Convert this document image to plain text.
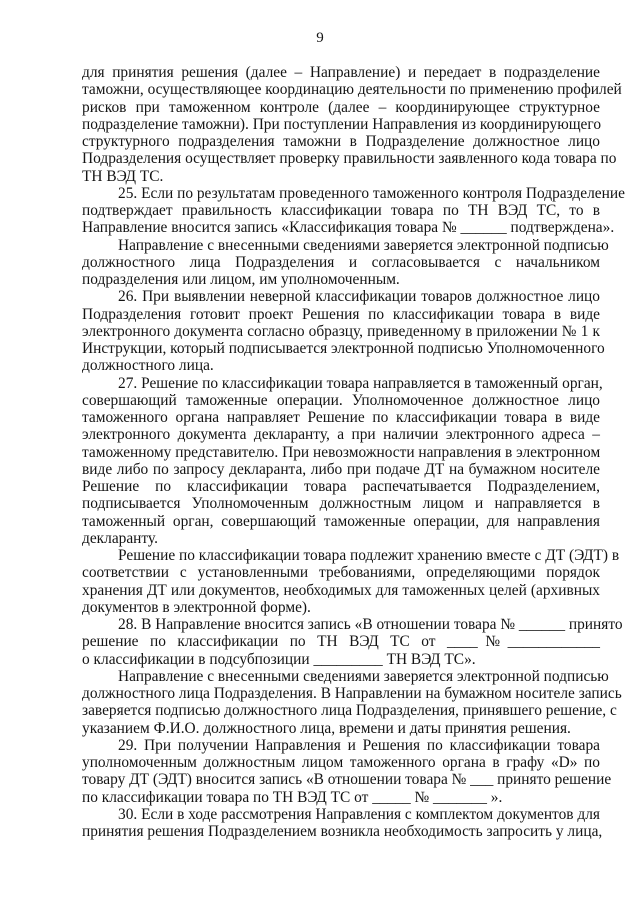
9
для принятия решения (далее – Направление) и передает в подразделение
таможни, осуществляющее координацию деятельности по применению профилей
рисков при таможенном контроле (далее – координирующее структурное
подразделение таможни). При поступлении Направления из координирующего
структурного подразделения таможни в Подразделение должностное лицо
Подразделения осуществляет проверку правильности заявленного кода товара по
ТН ВЭД ТС.
25. Если по результатам проведенного таможенного контроля Подразделение
подтверждает правильность классификации товара по ТН ВЭД ТС, то в
Направление вносится запись «Классификация товара № ______ подтверждена».
Направление с внесенными сведениями заверяется электронной подписью
должностного лица Подразделения и согласовывается с начальником
подразделения или лицом, им уполномоченным.
26. При выявлении неверной классификации товаров должностное лицо
Подразделения готовит проект Решения по классификации товара в виде
электронного документа согласно образцу, приведенному в приложении № 1 к
Инструкции, который подписывается электронной подписью Уполномоченного
должностного лица.
27. Решение по классификации товара направляется в таможенный орган,
совершающий таможенные операции. Уполномоченное должностное лицо
таможенного органа направляет Решение по классификации товара в виде
электронного документа декларанту, а при наличии электронного адреса –
таможенному представителю. При невозможности направления в электронном
виде либо по запросу декларанта, либо при подаче ДТ на бумажном носителе
Решение по классификации товара распечатывается Подразделением,
подписывается Уполномоченным должностным лицом и направляется в
таможенный орган, совершающий таможенные операции, для направления
декларанту.
Решение по классификации товара подлежит хранению вместе с ДТ (ЭДТ) в
соответствии с установленными требованиями, определяющими порядок
хранения ДТ или документов, необходимых для таможенных целей (архивных
документов в электронной форме).
28. В Направление вносится запись «В отношении товара № ______ принято
решение по классификации по ТН ВЭД ТС от ____№____________
о классификации в подсубпозиции _________ ТН ВЭД ТС».
Направление с внесенными сведениями заверяется электронной подписью
должностного лица Подразделения. В Направлении на бумажном носителе запись
заверяется подписью должностного лица Подразделения, принявшего решение, с
указанием Ф.И.О. должностного лица, времени и даты принятия решения.
29. При получении Направления и Решения по классификации товара
уполномоченным должностным лицом таможенного органа в графу «D» по
товару ДТ (ЭДТ) вносится запись «В отношении товара № ___ принято решение
по классификации товара по ТН ВЭД ТС от _____ № _______ ».
30. Если в ходе рассмотрения Направления с комплектом документов для
принятия решения Подразделением возникла необходимость запросить у лица,
